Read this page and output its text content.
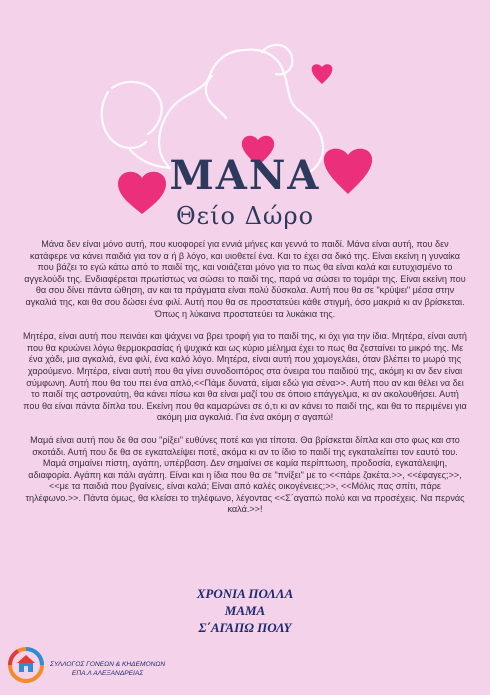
ΜΑΝΑ
Θείο Δώρο

Μάνα δεν είναι μόνο αυτή, που κυοφορεί για εννιά μήνες και γεννά το παιδί. Μάνα είναι αυτή, που δεν κατάφερε να κάνει παιδιά για τον α ή β λόγο, και υιοθετεί ένα. Και το έχει σα δικό της. Είναι εκείνη η γυναίκα που βάζει το εγώ κάτω από το παιδί της, και νοιάζεται μόνο για το πως θα είναι καλά και ευτυχισμένο το αγγελούδι της. Ενδιαφέρεται πρωτίστως να σώσει το παιδί της, παρά να σώσει το τομάρι της. Είναι εκείνη που θα σου δίνει πάντα ώθηση, αν και τα πράγματα είναι πολύ δύσκολα. Αυτή που θα σε "κρύψει" μέσα στην αγκαλιά της, και θα σου δώσει ένα φιλί. Αυτή που θα σε προστατεύει κάθε στιγμή, όσο μακριά κι αν βρίσκεται. Όπως η λύκαινα προστατεύει τα λυκάκια της.

Μητέρα, είναι αυτή που πεινάει και ψάχνει να βρει τροφή για το παιδί της, κι όχι για την ίδια. Μητέρα, είναι αυτή που θα κρυώνει λόγω θερμοκρασίας ή ψυχικά και ως κύριο μέλημα έχει το πως θα ζεσταίνει το μικρό της. Με ένα χάδι, μια αγκαλιά, ένα φιλί, ένα καλό λόγο. Μητέρα, είναι αυτή που χαμογελάει, όταν βλέπει το μωρό της χαρούμενο. Μητέρα, είναι αυτή που θα γίνει συνοδοιπόρος στα όνειρα του παιδιού της, ακόμη κι αν δεν είναι σύμφωνη. Αυτή που θα του πει ένα απλό,<<Πάμε δυνατά, είμαι εδώ για σένα>>. Αυτή που αν και θέλει να δει το παιδί της αστροναύτη, θα κάνει πίσω και θα είναι μαζί του σε όποιο επάγγελμα, κι αν ακολουθήσει. Αυτή που θα είναι πάντα δίπλα του. Εκείνη που θα καμαρώνει σε ό,τι κι αν κάνει το παιδί της, και θα το περιμένει για ακόμη μια αγκαλιά. Για ένα ακόμη σ αγαπώ!

Μαμά είναι αυτή που δε θα σου "ρίξει" ευθύνες ποτέ και για τίποτα. Θα βρίσκεται δίπλα και στο φως και στο σκοτάδι. Αυτή που δε θα σε εγκαταλείψει ποτέ, ακόμα κι αν το ίδιο το παιδί της εγκαταλείπει τον εαυτό του. Μαμά σημαίνει πίστη, αγάπη, υπέρβαση. Δεν σημαίνει σε καμία περίπτωση, προδοσία, εγκατάλειψη, αδιαφορία. Αγάπη και πάλι αγάπη. Είναι και η ίδια που θα σε "πνίξει" με το <<πάρε ζακέτα.>>, <<έφαγες;>>, <<με τα παιδιά που βγαίνεις, είναι καλά; Είναι από καλές οικογένειες;>>, <<Μόλις πας σπίτι, πάρε τηλέφωνο.>>. Πάντα όμως, θα κλείσει το τηλέφωνο, λέγοντας <<Σ΄αγαπώ πολύ και να προσέχεις. Να περνάς καλά.>>!

ΧΡΟΝΙΑ ΠΟΛΛΑ
ΜΑΜΑ
Σ΄ΑΓΑΠΩ ΠΟΛΥ
ΣΥΛΛΟΓΟΣ ΓΟΝΕΩΝ & ΚΗΔΕΜΟΝΩΝ
ΕΠΑ.Λ ΑΛΕΞΑΝΔΡΕΙΑΣ
